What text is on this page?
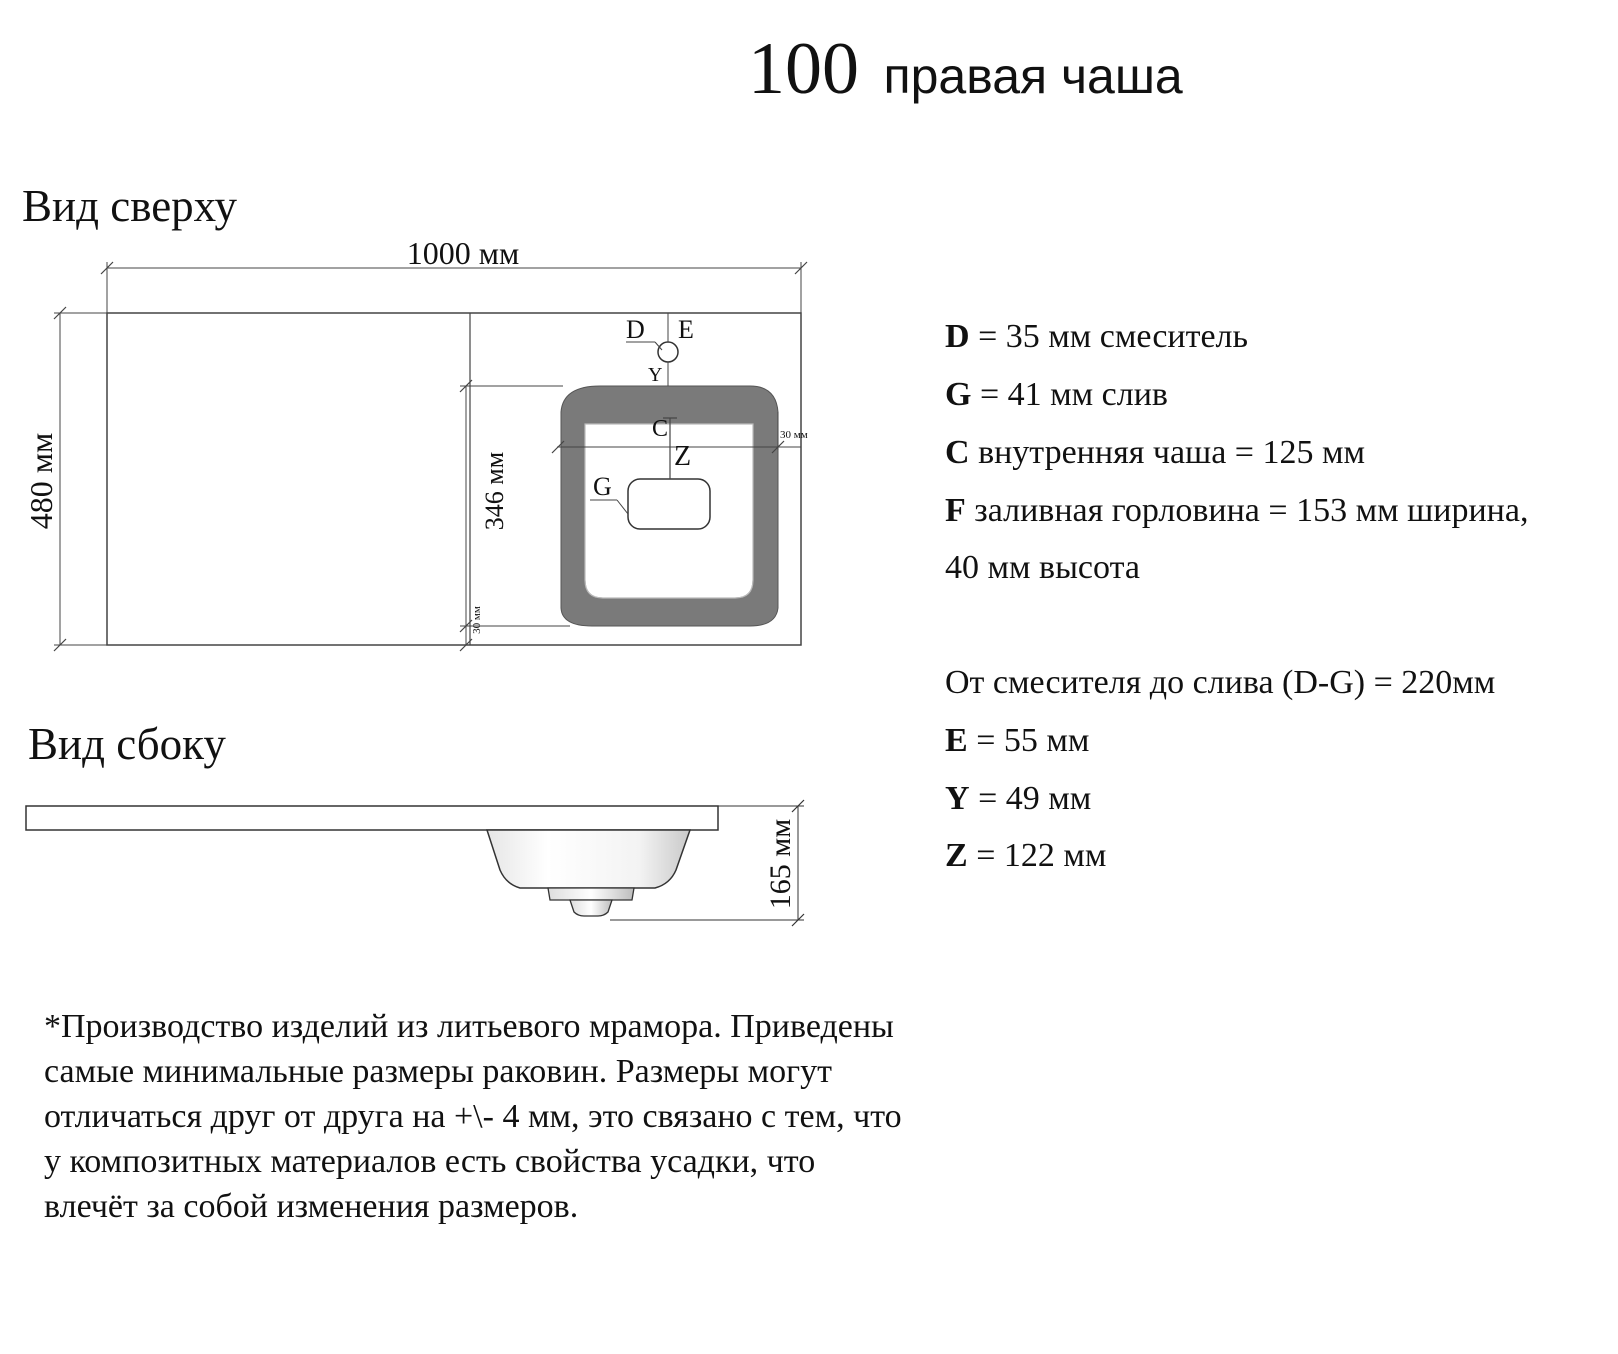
100 правая чаша
Вид сверху
Вид сбоку
1000 мм
480 мм	346 мм
30 мм
30 мм
D E
Y
C
Z
G
165 мм
D = 35 мм смеситель
G = 41 мм слив
C внутренняя чаша = 125 мм
F заливная горловина = 153 мм ширина,
40 мм высота
От смесителя до слива (D-G) = 220мм
E = 55 мм
Y = 49 мм
Z = 122 мм
*Производство изделий из литьевого мрамора. Приведены
самые минимальные размеры раковин. Размеры могут
отличаться друг от друга на +\- 4 мм, это связано с тем, что
у композитных материалов есть свойства усадки, что
влечёт за собой изменения размеров.
